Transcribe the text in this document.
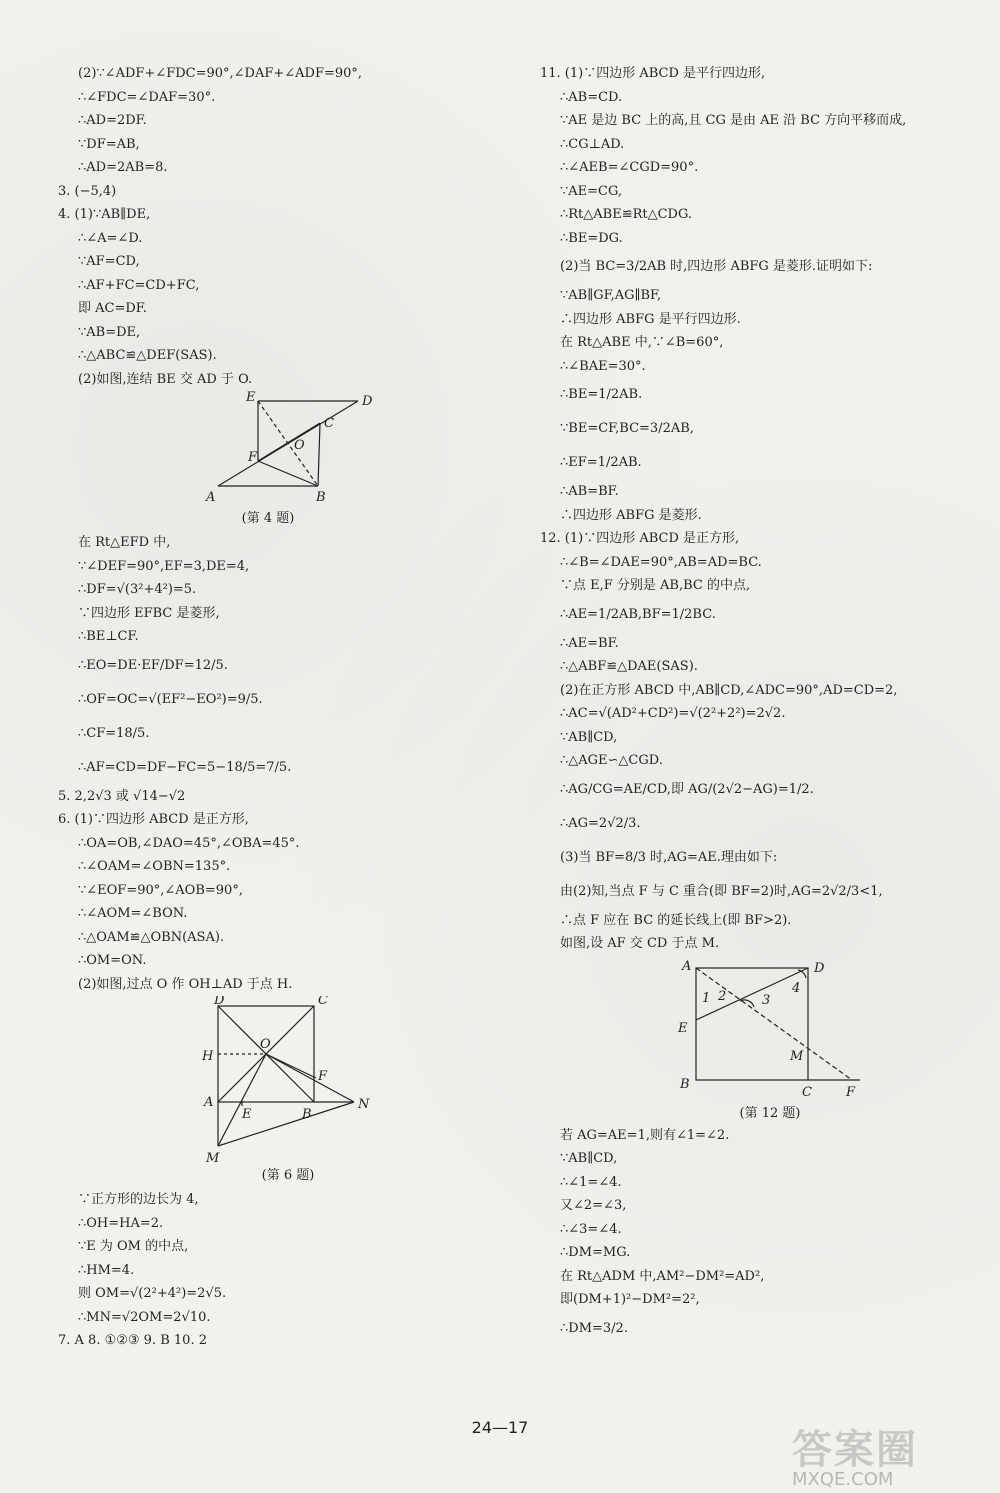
(2)∵∠ADF+∠FDC=90°,∠DAF+∠ADF=90°,
∴∠FDC=∠DAF=30°.
∴AD=2DF.
∵DF=AB,
∴AD=2AB=8.
3. (−5,4)
4. (1)∵AB∥DE,
∴∠A=∠D.
∵AF=CD,
∴AF+FC=CD+FC,
即 AC=DF.
∵AB=DE,
∴△ABC≌△DEF(SAS).
(2)如图,连结 BE 交 AD 于 O.
E	D
C
O
F
A	B
(第 4 题)
在 Rt△EFD 中,
∵∠DEF=90°,EF=3,DE=4,
∴DF=√(3²+4²)=5.
∵四边形 EFBC 是菱形,
∴BE⊥CF.
∴EO=DE·EF/DF=12/5.
∴OF=OC=√(EF²−EO²)=9/5.
∴CF=18/5.
∴AF=CD=DF−FC=5−18/5=7/5.
5. 2,2√3 或 √14−√2
6. (1)∵四边形 ABCD 是正方形,
∴OA=OB,∠DAO=45°,∠OBA=45°.
∴∠OAM=∠OBN=135°.
∵∠EOF=90°,∠AOB=90°,
∴∠AOM=∠BON.
∴△OAM≌△OBN(ASA).
∴OM=ON.
(2)如图,过点 O 作 OH⊥AD 于点 H.
D	C
H
O
F
A
E	B
N
M
(第 6 题)
∵正方形的边长为 4,
∴OH=HA=2.
∵E 为 OM 的中点,
∴HM=4.
则 OM=√(2²+4²)=2√5.
∴MN=√2OM=2√10.
7. A 8. ①②③ 9. B 10. 2
11. (1)∵四边形 ABCD 是平行四边形,
∴AB=CD.
∵AE 是边 BC 上的高,且 CG 是由 AE 沿 BC 方向平移而成,
∴CG⊥AD.
∴∠AEB=∠CGD=90°.
∵AE=CG,
∴Rt△ABE≌Rt△CDG.
∴BE=DG.
(2)当 BC=3/2AB 时,四边形 ABFG 是菱形.证明如下:
∵AB∥GF,AG∥BF,
∴四边形 ABFG 是平行四边形.
在 Rt△ABE 中,∵∠B=60°,
∴∠BAE=30°.
∴BE=1/2AB.
∵BE=CF,BC=3/2AB,
∴EF=1/2AB.
∴AB=BF.
∴四边形 ABFG 是菱形.
12. (1)∵四边形 ABCD 是正方形,
∴∠B=∠DAE=90°,AB=AD=BC.
∵点 E,F 分别是 AB,BC 的中点,
∴AE=1/2AB,BF=1/2BC.
∴AE=BF.
∴△ABF≌△DAE(SAS).
(2)在正方形 ABCD 中,AB∥CD,∠ADC=90°,AD=CD=2,
∴AC=√(AD²+CD²)=√(2²+2²)=2√2.
∵AB∥CD,
∴△AGE∽△CGD.
∴AG/CG=AE/CD,即 AG/(2√2−AG)=1/2.
∴AG=2√2/3.
(3)当 BF=8/3 时,AG=AE.理由如下:
由(2)知,当点 F 与 C 重合(即 BF=2)时,AG=2√2/3<1,
∴点 F 应在 BC 的延长线上(即 BF>2).
如图,设 AF 交 CD 于点 M.
A	D
4
1 2	3
E
M
B
C	F
(第 12 题)
若 AG=AE=1,则有∠1=∠2.
∵AB∥CD,
∴∠1=∠4.
又∠2=∠3,
∴∠3=∠4.
∴DM=MG.
在 Rt△ADM 中,AM²−DM²=AD²,
即(DM+1)²−DM²=2²,
∴DM=3/2.
24—17	答案圈
MXQE.COM
